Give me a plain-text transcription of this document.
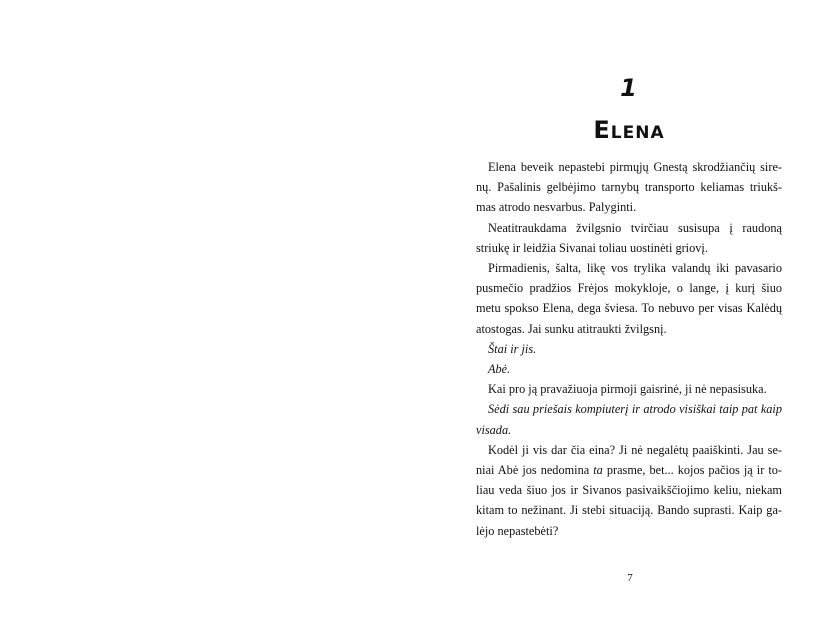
1
Elena
Elena beveik nepastebi pirmųjų Gnestą skrodžiančių sire-
nų. Pašalinis gelbėjimo tarnybų transporto keliamas triukš-
mas atrodo nesvarbus. Palyginti.
Neatitraukdama žvilgsnio tvirčiau susisupa į raudoną
striukę ir leidžia Sivanai toliau uostinėti griovį.
Pirmadienis, šalta, likę vos trylika valandų iki pavasario
pusmečio pradžios Frėjos mokykloje, o lange, į kurį šiuo
metu spokso Elena, dega šviesa. To nebuvo per visas Kalėdų
atostogas. Jai sunku atitraukti žvilgsnį.
Štai ir jis.
Abė.
Kai pro ją pravažiuoja pirmoji gaisrinė, ji nė nepasisuka.
Sėdi sau priešais kompiuterį ir atrodo visiškai taip pat kaip
visada.
Kodėl ji vis dar čia eina? Ji nė negalėtų paaiškinti. Jau se-
niai Abė jos nedomina ta prasme, bet... kojos pačios ją ir to-
liau veda šiuo jos ir Sivanos pasivaikščiojimo keliu, niekam
kitam to nežinant. Ji stebi situaciją. Bando suprasti. Kaip ga-
lėjo nepastebėti?
7
